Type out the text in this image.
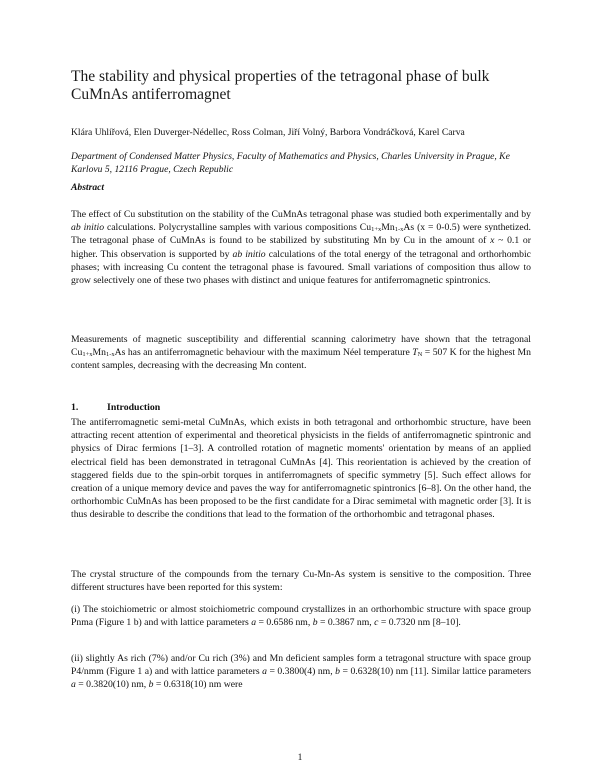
The stability and physical properties of the tetragonal phase of bulk CuMnAs antiferromagnet
Klára Uhlířová, Elen Duverger-Nédellec, Ross Colman, Jiří Volný, Barbora Vondráčková, Karel Carva
Department of Condensed Matter Physics, Faculty of Mathematics and Physics, Charles University in Prague, Ke Karlovu 5, 12116 Prague, Czech Republic
Abstract

The effect of Cu substitution on the stability of the CuMnAs tetragonal phase was studied both experimentally and by ab initio calculations. Polycrystalline samples with various compositions $Cu_{1+x}Mn_{1-x}As$ (x = 0-0.5) were synthetized. The tetragonal phase of CuMnAs is found to be stabilized by substituting Mn by Cu in the amount of x ~ 0.1 or higher. This observation is supported by ab initio calculations of the total energy of the tetragonal and orthorhombic phases; with increasing Cu content the tetragonal phase is favoured. Small variations of composition thus allow to grow selectively one of these two phases with distinct and unique features for antiferromagnetic spintronics.

Measurements of magnetic susceptibility and differential scanning calorimetry have shown that the tetragonal $Cu_{1+x}Mn_{1-x}As$ has an antiferromagnetic behaviour with the maximum Néel temperature $T_N = 507$ K for the highest Mn content samples, decreasing with the decreasing Mn content.

1.	Introduction
The antiferromagnetic semi-metal CuMnAs, which exists in both tetragonal and orthorhombic structure, have been attracting recent attention of experimental and theoretical physicists in the fields of antiferromagnetic spintronic and physics of Dirac fermions [1–3]. A controlled rotation of magnetic moments' orientation by means of an applied electrical field has been demonstrated in tetragonal CuMnAs [4]. This reorientation is achieved by the creation of staggered fields due to the spin-orbit torques in antiferromagnets of specific symmetry [5]. Such effect allows for creation of a unique memory device and paves the way for antiferromagnetic spintronics [6–8]. On the other hand, the orthorhombic CuMnAs has been proposed to be the first candidate for a Dirac semimetal with magnetic order [3]. It is thus desirable to describe the conditions that lead to the formation of the orthorhombic and tetragonal phases.
The crystal structure of the compounds from the ternary Cu-Mn-As system is sensitive to the composition. Three different structures have been reported for this system:

(i) The stoichiometric or almost stoichiometric compound crystallizes in an orthorhombic structure with space group Pnma (Figure 1 b) and with lattice parameters a = 0.6586 nm, b = 0.3867 nm, c = 0.7320 nm [8–10].

(ii) slightly As rich (7%) and/or Cu rich (3%) and Mn deficient samples form a tetragonal structure with space group P4/nmm (Figure 1 a) and with lattice parameters a = 0.3800(4) nm, b = 0.6328(10) nm [11]. Similar lattice parameters a = 0.3820(10) nm, b = 0.6318(10) nm were

1
